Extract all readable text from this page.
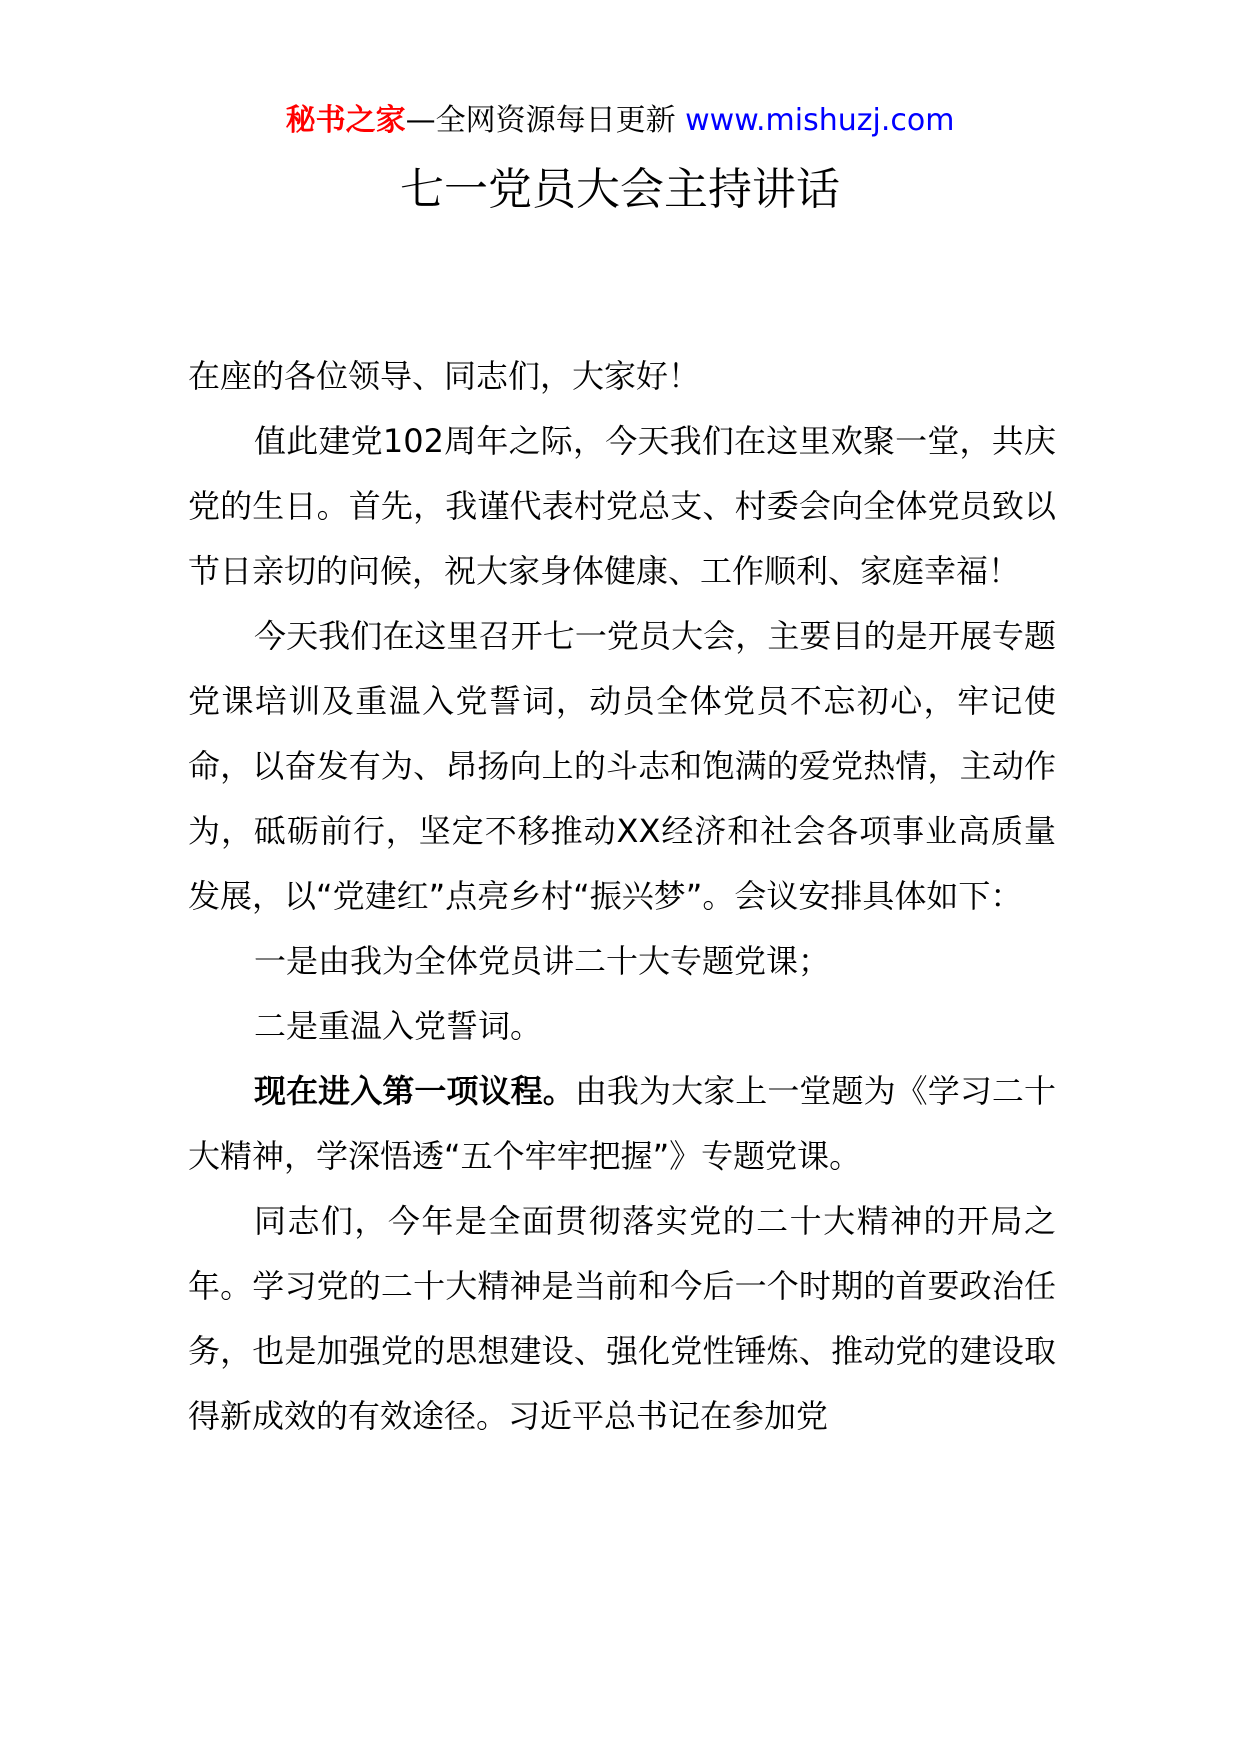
秘书之家—全网资源每日更新 www.mishuzj.com
七一党员大会主持讲话

在座的各位领导、同志们，大家好！

值此建党102周年之际，今天我们在这里欢聚一堂，共庆党的生日。首先，我谨代表村党总支、村委会向全体党员致以节日亲切的问候，祝大家身体健康、工作顺利、家庭幸福！

今天我们在这里召开七一党员大会，主要目的是开展专题党课培训及重温入党誓词，动员全体党员不忘初心，牢记使命，以奋发有为、昂扬向上的斗志和饱满的爱党热情，主动作为，砥砺前行，坚定不移推动XX经济和社会各项事业高质量发展，以“党建红”点亮乡村“振兴梦”。会议安排具体如下：

一是由我为全体党员讲二十大专题党课；

二是重温入党誓词。

现在进入第一项议程。由我为大家上一堂题为《学习二十大精神，学深悟透“五个牢牢把握”》专题党课。

同志们，今年是全面贯彻落实党的二十大精神的开局之年。学习党的二十大精神是当前和今后一个时期的首要政治任务，也是加强党的思想建设、强化党性锤炼、推动党的建设取得新成效的有效途径。习近平总书记在参加党
